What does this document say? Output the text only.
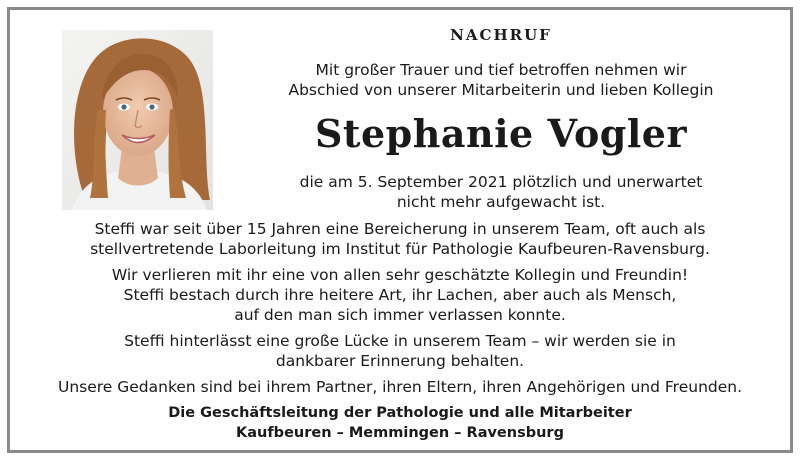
NACHRUF
Mit großer Trauer und tief betroffen nehmen wir
Abschied von unserer Mitarbeiterin und lieben Kollegin
Stephanie Vogler
die am 5. September 2021 plötzlich und unerwartet
nicht mehr aufgewacht ist.

Steffi war seit über 15 Jahren eine Bereicherung in unserem Team, oft auch als
stellvertretende Laborleitung im Institut für Pathologie Kaufbeuren-Ravensburg.

Wir verlieren mit ihr eine von allen sehr geschätzte Kollegin und Freundin!
Steffi bestach durch ihre heitere Art, ihr Lachen, aber auch als Mensch,
auf den man sich immer verlassen konnte.

Steffi hinterlässt eine große Lücke in unserem Team – wir werden sie in
dankbarer Erinnerung behalten.

Unsere Gedanken sind bei ihrem Partner, ihren Eltern, ihren Angehörigen und Freunden.

Die Geschäftsleitung der Pathologie und alle Mitarbeiter
Kaufbeuren – Memmingen – Ravensburg
